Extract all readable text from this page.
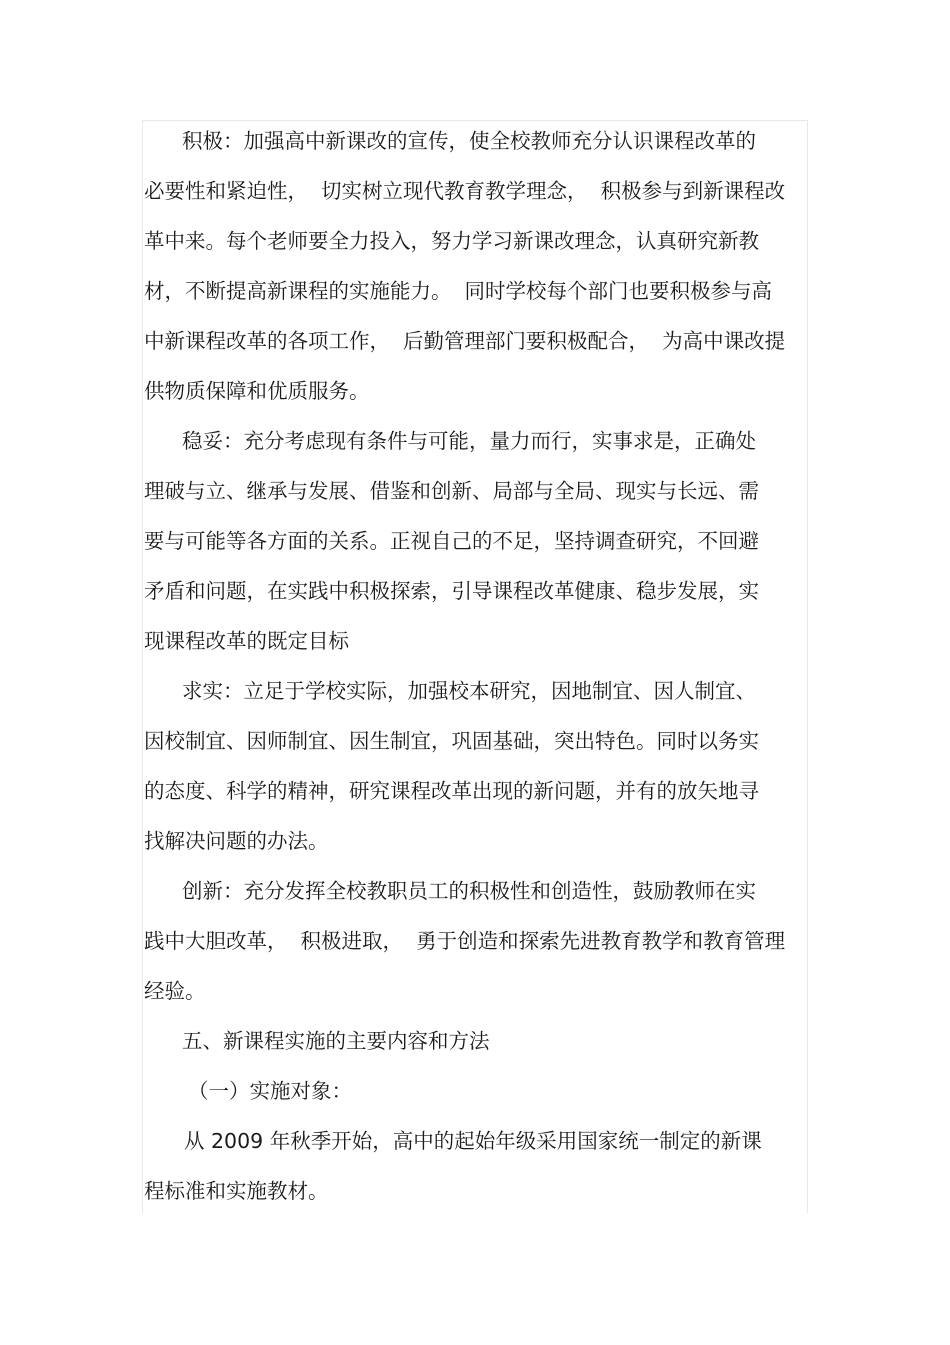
积极：加强高中新课改的宣传，使全校教师充分认识课程改革的
必要性和紧迫性，  切实树立现代教育教学理念，  积极参与到新课程改
革中来。每个老师要全力投入，努力学习新课改理念，认真研究新教
材，不断提高新课程的实施能力。  同时学校每个部门也要积极参与高
中新课程改革的各项工作，  后勤管理部门要积极配合，  为高中课改提
供物质保障和优质服务。
稳妥：充分考虑现有条件与可能，量力而行，实事求是，正确处
理破与立、继承与发展、借鉴和创新、局部与全局、现实与长远、需
要与可能等各方面的关系。正视自己的不足，坚持调查研究，不回避
矛盾和问题，在实践中积极探索，引导课程改革健康、稳步发展，实
现课程改革的既定目标
求实：立足于学校实际，加强校本研究，因地制宜、因人制宜、
因校制宜、因师制宜、因生制宜，巩固基础，突出特色。同时以务实
的态度、科学的精神，研究课程改革出现的新问题，并有的放矢地寻
找解决问题的办法。
创新：充分发挥全校教职员工的积极性和创造性，鼓励教师在实
践中大胆改革，  积极进取，  勇于创造和探索先进教育教学和教育管理
经验。
五、新课程实施的主要内容和方法
（一）实施对象：
从 2009 年秋季开始，高中的起始年级采用国家统一制定的新课
程标准和实施教材。
